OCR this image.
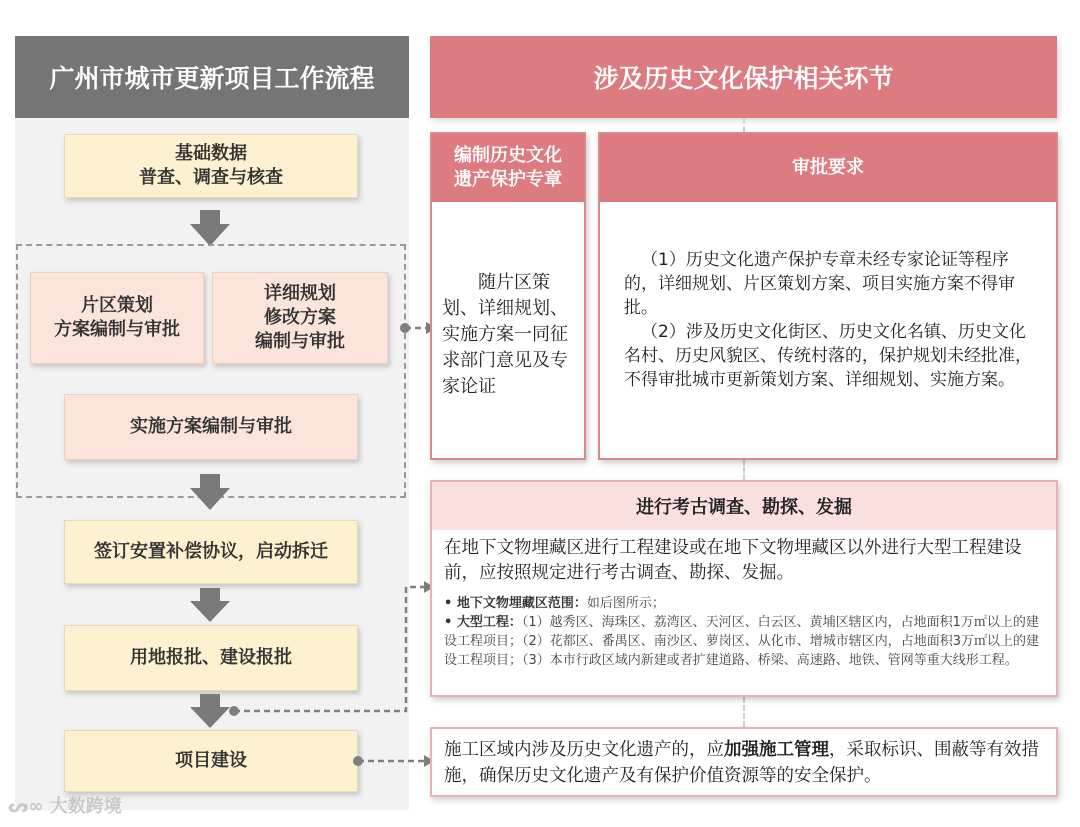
广州市城市更新项目工作流程
基础数据
普查、调查与核查
片区策划
方案编制与审批
详细规划
修改方案
编制与审批
实施方案编制与审批
签订安置补偿协议，启动拆迁
用地报批、建设报批
项目建设
涉及历史文化保护相关环节
编制历史文化
遗产保护专章
随片区策划、详细规划、实施方案一同征求部门意见及专家论证
审批要求
（1）历史文化遗产保护专章未经专家论证等程序的，详细规划、片区策划方案、项目实施方案不得审批。
（2）涉及历史文化街区、历史文化名镇、历史文化名村、历史风貌区、传统村落的，保护规划未经批准，不得审批城市更新策划方案、详细规划、实施方案。
进行考古调查、勘探、发掘
在地下文物埋藏区进行工程建设或在地下文物埋藏区以外进行大型工程建设前，应按照规定进行考古调查、勘探、发掘。
• 地下文物埋藏区范围：如后图所示；
• 大型工程：（1）越秀区、海珠区、荔湾区、天河区、白云区、黄埔区辖区内，占地面积1万㎡以上的建设工程项目；（2）花都区、番禺区、南沙区、萝岗区、从化市、增城市辖区内，占地面积3万㎡以上的建设工程项目；（3）本市行政区域内新建或者扩建道路、桥梁、高速路、地铁、管网等重大线形工程。
施工区域内涉及历史文化遗产的，应加强施工管理，采取标识、围蔽等有效措施，确保历史文化遗产及有保护价值资源等的安全保护。
ᔕ∞ 大数跨境
